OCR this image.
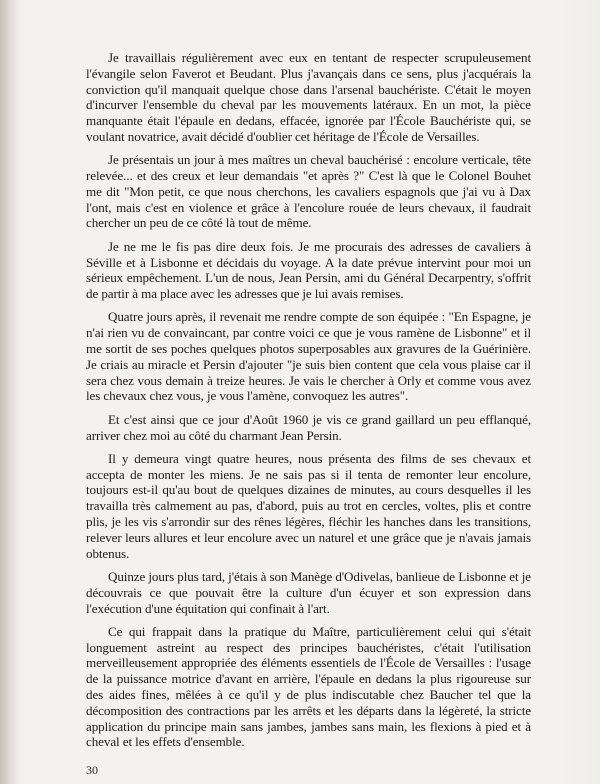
Je travaillais régulièrement avec eux en tentant de respecter scrupuleusement l'évangile selon Faverot et Beudant. Plus j'avançais dans ce sens, plus j'acquérais la conviction qu'il manquait quelque chose dans l'arsenal bauchériste. C'était le moyen d'incurver l'ensemble du cheval par les mouvements latéraux. En un mot, la pièce manquante était l'épaule en dedans, effacée, ignorée par l'École Bauchériste qui, se voulant novatrice, avait décidé d'oublier cet héritage de l'École de Versailles.

Je présentais un jour à mes maîtres un cheval bauchérisé : encolure verticale, tête relevée... et des creux et leur demandais "et après ?" C'est là que le Colonel Bouhet me dit "Mon petit, ce que nous cherchons, les cavaliers espagnols que j'ai vu à Dax l'ont, mais c'est en violence et grâce à l'encolure rouée de leurs chevaux, il faudrait chercher un peu de ce côté là tout de même.

Je ne me le fis pas dire deux fois. Je me procurais des adresses de cavaliers à Séville et à Lisbonne et décidais du voyage. A la date prévue intervint pour moi un sérieux empêchement. L'un de nous, Jean Persin, ami du Général Decarpentry, s'offrit de partir à ma place avec les adresses que je lui avais remises.

Quatre jours après, il revenait me rendre compte de son équipée : "En Espagne, je n'ai rien vu de convaincant, par contre voici ce que je vous ramène de Lisbonne" et il me sortit de ses poches quelques photos superposables aux gravures de la Guérinière. Je criais au miracle et Persin d'ajouter "je suis bien content que cela vous plaise car il sera chez vous demain à treize heures. Je vais le chercher à Orly et comme vous avez les chevaux chez vous, je vous l'amène, convoquez les autres".

Et c'est ainsi que ce jour d'Août 1960 je vis ce grand gaillard un peu efflanqué, arriver chez moi au côté du charmant Jean Persin.

Il y demeura vingt quatre heures, nous présenta des films de ses chevaux et accepta de monter les miens. Je ne sais pas si il tenta de remonter leur encolure, toujours est-il qu'au bout de quelques dizaines de minutes, au cours desquelles il les travailla très calmement au pas, d'abord, puis au trot en cercles, voltes, plis et contre plis, je les vis s'arrondir sur des rênes légères, fléchir les hanches dans les transitions, relever leurs allures et leur encolure avec un naturel et une grâce que je n'avais jamais obtenus.

Quinze jours plus tard, j'étais à son Manège d'Odivelas, banlieue de Lisbonne et je découvrais ce que pouvait être la culture d'un écuyer et son expression dans l'exécution d'une équitation qui confinait à l'art.

Ce qui frappait dans la pratique du Maître, particulièrement celui qui s'était longuement astreint au respect des principes bauchéristes, c'était l'utilisation merveilleusement appropriée des éléments essentiels de l'École de Versailles : l'usage de la puissance motrice d'avant en arrière, l'épaule en dedans la plus rigoureuse sur des aides fines, mêlées à ce qu'il y de plus indiscutable chez Baucher tel que la décomposition des contractions par les arrêts et les départs dans la légèreté, la stricte application du principe main sans jambes, jambes sans main, les flexions à pied et à cheval et les effets d'ensemble.

30
